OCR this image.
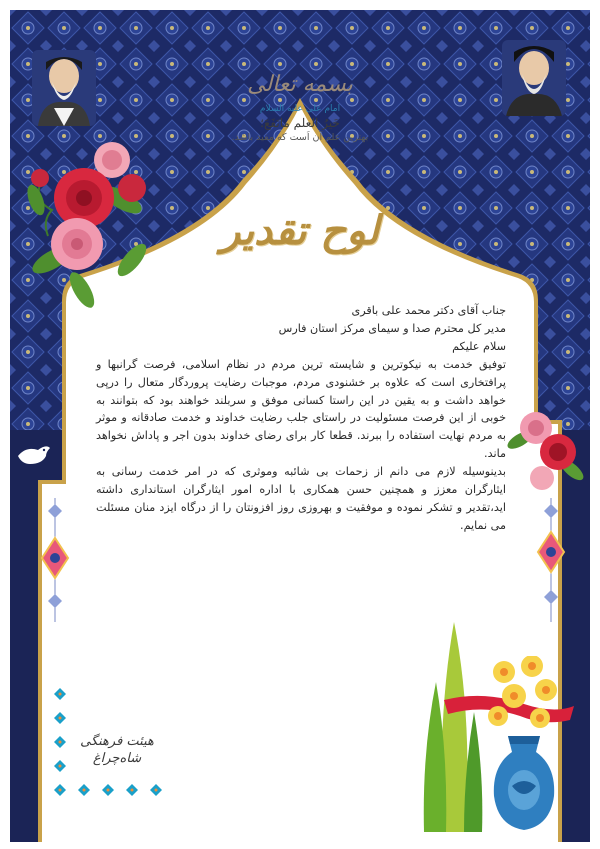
بسمه تعالی
امام علی علیه السلام
خَیرُ العلم مانَفَعَ؛
بهترین علم آن اَست که مفید باشد.
لوح تقدیر

جناب آقای دکتر محمد علی باقری

مدیر کل محترم صدا و سیمای مرکز استان فارس

سلام علیکم

توفیق خدمت به نیکوترین و شایسته ترین مردم در نظام اسلامی، فرصت گرانبها و پرافتخاری است که علاوه بر خشنودی مردم، موجبات رضایت پروردگار متعال را درپی خواهد داشت و به یقین در این راستا کسانی موفق و سربلند خواهند بود که بتوانند به خوبی از این فرصت مسئولیت در راستای جلب رضایت خداوند و خدمت صادقانه و موثر به مردم نهایت استفاده را ببرند. قطعا کار برای رضای خداوند بدون اجر و پاداش نخواهد ماند.

بدینوسیله لازم می دانم از زحمات بی شائبه وموثری که در امر خدمت رسانی به ایثارگران معزز و همچنین حسن همکاری با اداره امور ایثارگران استانداری داشته اید،تقدیر و تشکر نموده و موفقیت و بهروزی روز افزونتان را از درگاه ایزد منان مسئلت می نمایم.

هیئت فرهنگی شاه‌چراغ
